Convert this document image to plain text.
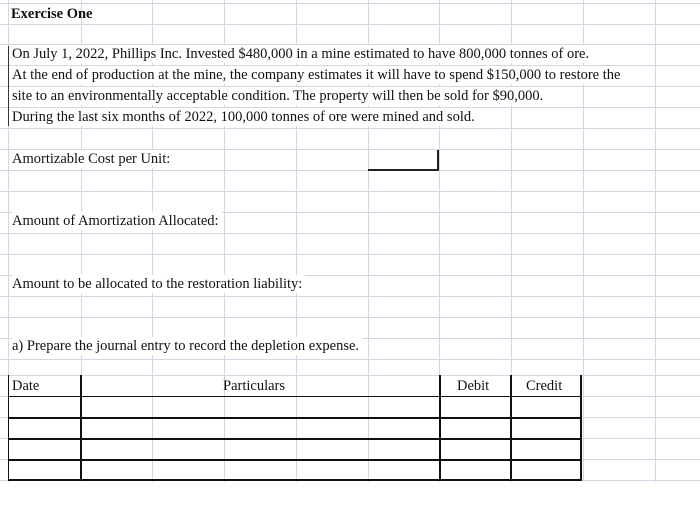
Exercise One
On July 1, 2022, Phillips Inc. Invested $480,000 in a mine estimated to have 800,000 tonnes of ore.
At the end of production at the mine, the company estimates it will have to spend $150,000 to restore the
site to an environmentally acceptable condition. The property will then be sold for $90,000.
During the last six months of 2022, 100,000 tonnes of ore were mined and sold.
Amortizable Cost per Unit:
Amount of Amortization Allocated:
Amount to be allocated to the restoration liability:
a) Prepare the journal entry to record the depletion expense.
Date	Particulars	Debit	Credit
